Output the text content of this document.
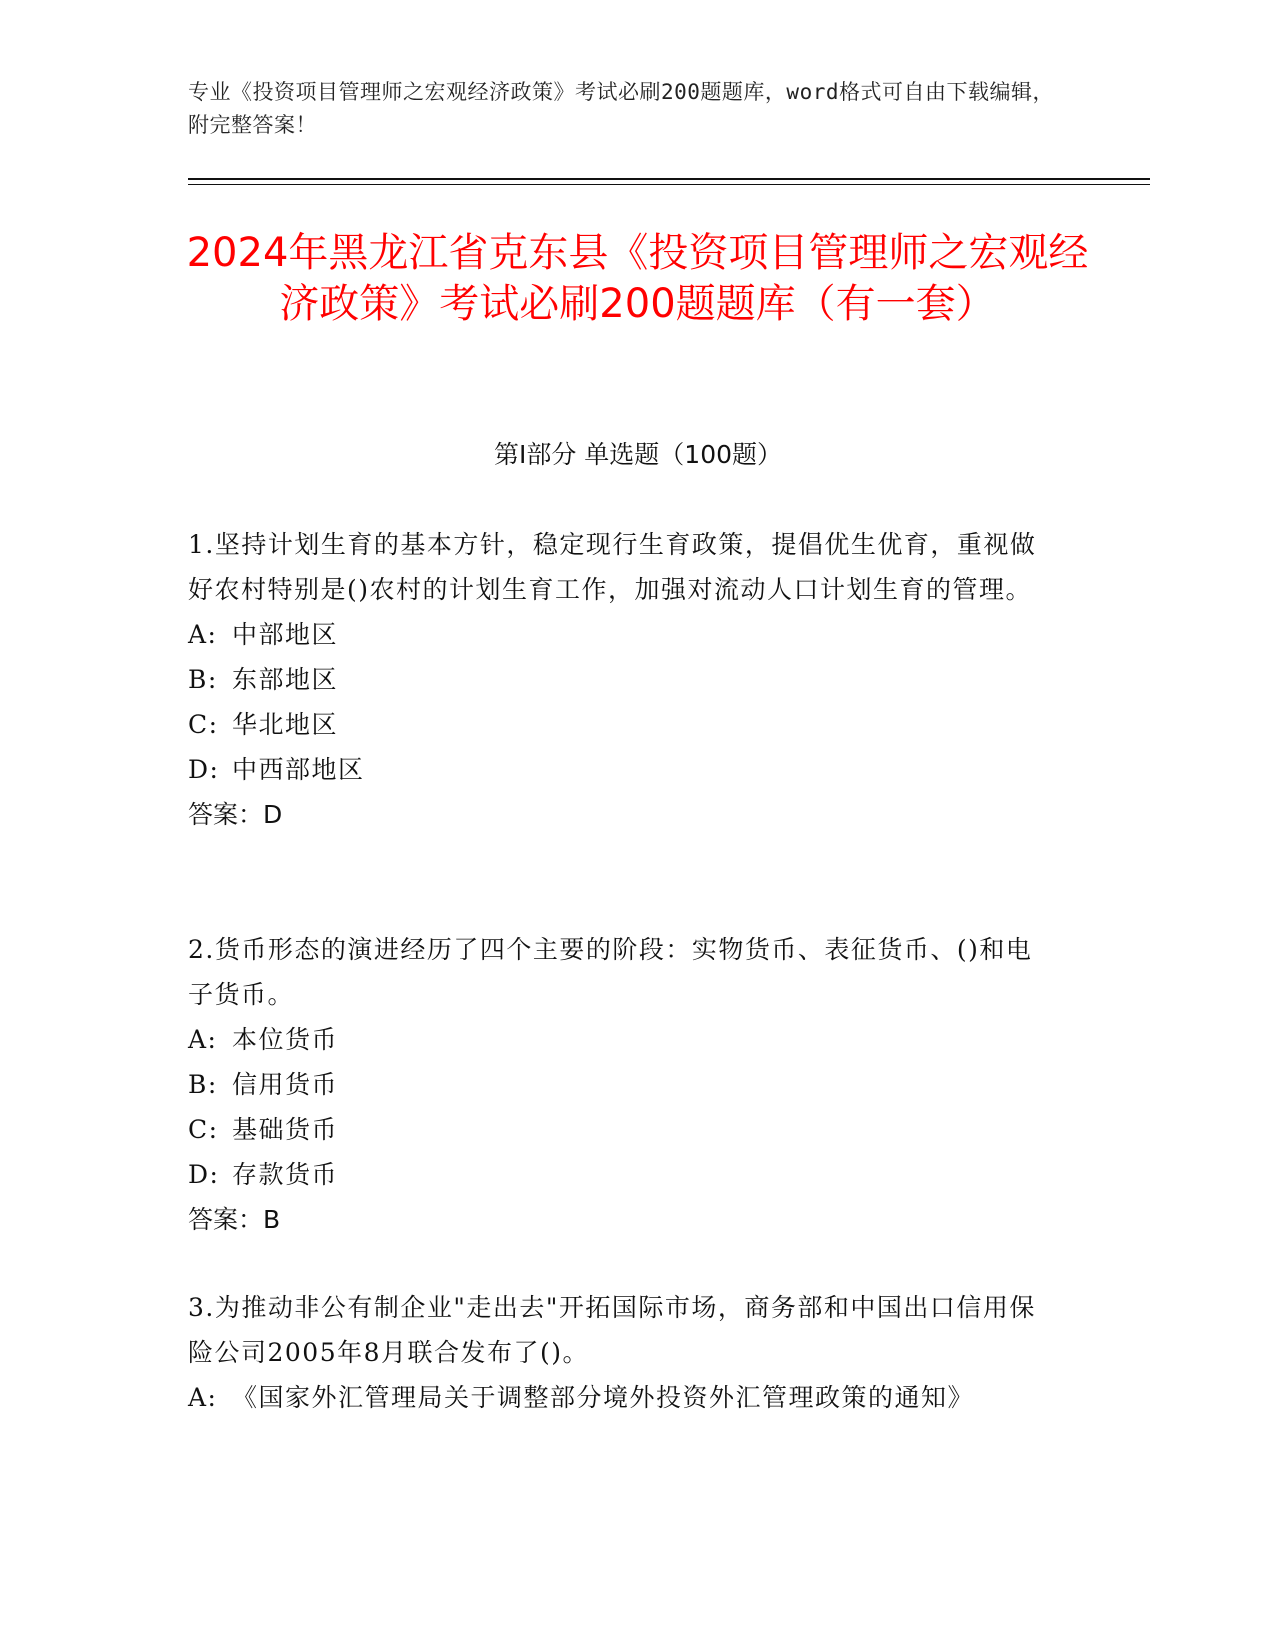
专业《投资项目管理师之宏观经济政策》考试必刷200题题库，word格式可自由下载编辑，附完整答案！
2024年黑龙江省克东县《投资项目管理师之宏观经济政策》考试必刷200题题库（有一套）
第Ⅰ部分 单选题（100题）

1.坚持计划生育的基本方针，稳定现行生育政策，提倡优生优育，重视做好农村特别是()农村的计划生育工作，加强对流动人口计划生育的管理。

A: 中部地区

B: 东部地区

C: 华北地区

D: 中西部地区

答案：D

2.货币形态的演进经历了四个主要的阶段：实物货币、表征货币、()和电子货币。

A: 本位货币

B: 信用货币

C: 基础货币

D: 存款货币

答案：B

3.为推动非公有制企业"走出去"开拓国际市场，商务部和中国出口信用保险公司2005年8月联合发布了()。

A: 《国家外汇管理局关于调整部分境外投资外汇管理政策的通知》
